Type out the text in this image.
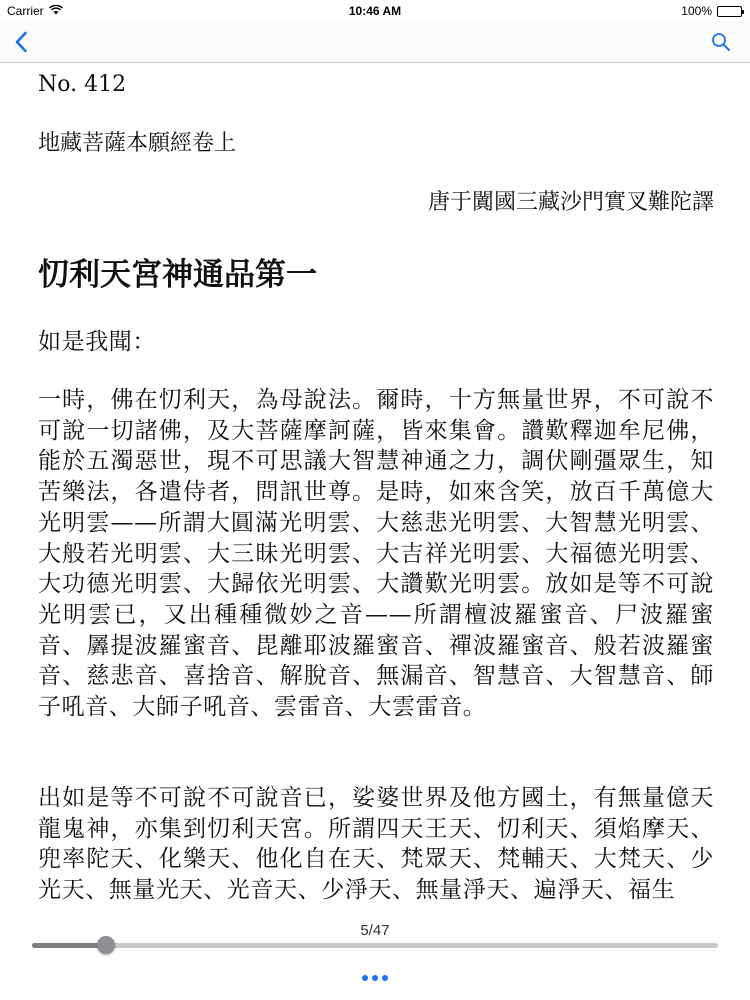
Carrier	10:46 AM	100%
No. 412
地藏菩薩本願經卷上
唐于闐國三藏沙門實叉難陀譯
忉利天宮神通品第一
如是我聞：
一時，佛在忉利天，為母說法。爾時，十方無量世界，不可說不可說一切諸佛，及大菩薩摩訶薩，皆來集會。讚歎釋迦牟尼佛，能於五濁惡世，現不可思議大智慧神通之力，調伏剛彊眾生，知苦樂法，各遣侍者，問訊世尊。是時，如來含笑，放百千萬億大光明雲——所謂大圓滿光明雲、大慈悲光明雲、大智慧光明雲、大般若光明雲、大三昧光明雲、大吉祥光明雲、大福德光明雲、大功德光明雲、大歸依光明雲、大讚歎光明雲。放如是等不可說光明雲已，又出種種微妙之音——所謂檀波羅蜜音、尸波羅蜜音、羼提波羅蜜音、毘離耶波羅蜜音、禪波羅蜜音、般若波羅蜜音、慈悲音、喜捨音、解脫音、無漏音、智慧音、大智慧音、師子吼音、大師子吼音、雲雷音、大雲雷音。
出如是等不可說不可說音已，娑婆世界及他方國土，有無量億天龍鬼神，亦集到忉利天宮。所謂四天王天、忉利天、須焰摩天、兜率陀天、化樂天、他化自在天、梵眾天、梵輔天、大梵天、少光天、無量光天、光音天、少淨天、無量淨天、遍淨天、福生
5/47
